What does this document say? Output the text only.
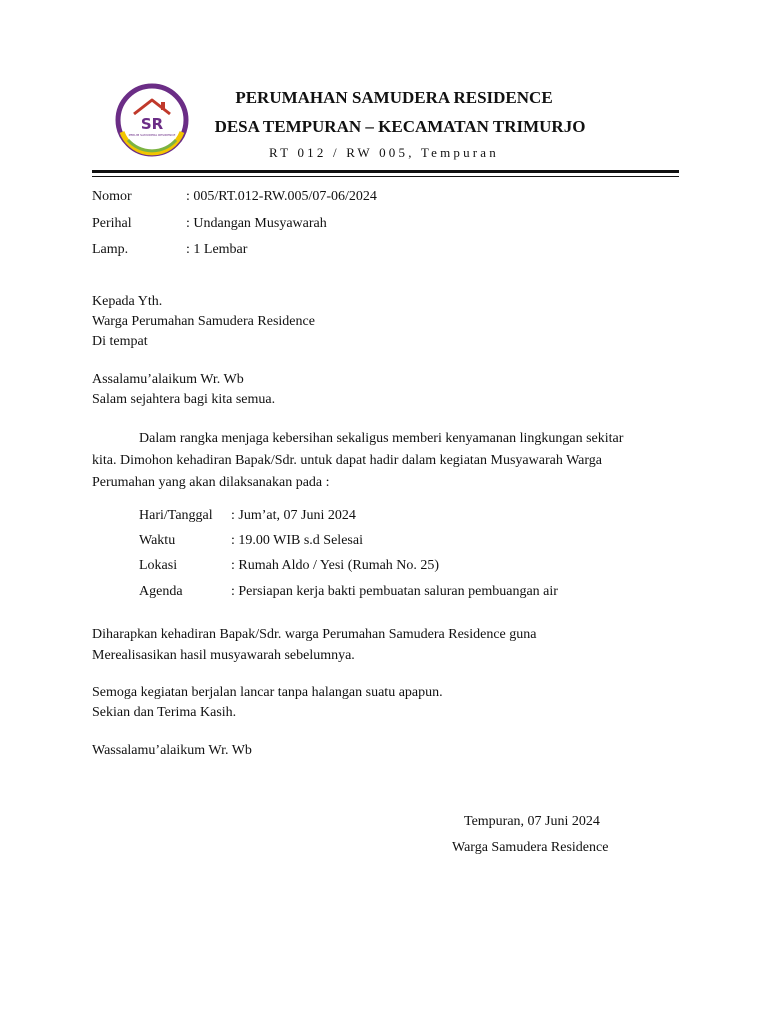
SR
PERUM SAMUDERA RESIDENCE
PERUMAHAN SAMUDERA RESIDENCE
DESA TEMPURAN – KECAMATAN TRIMURJO
RT 012 / RW 005, Tempuran
Nomor	: 005/RT.012-RW.005/07-06/2024
Perihal	: Undangan Musyawarah
Lamp.	: 1 Lembar
Kepada Yth.
Warga Perumahan Samudera Residence
Di tempat
Assalamu’alaikum Wr. Wb
Salam sejahtera bagi kita semua.
Dalam rangka menjaga kebersihan sekaligus memberi kenyamanan lingkungan sekitar
kita. Dimohon kehadiran Bapak/Sdr. untuk dapat hadir dalam kegiatan Musyawarah Warga
Perumahan yang akan dilaksanakan pada :
Hari/Tanggal : Jum’at, 07 Juni 2024
Waktu	: 19.00 WIB s.d Selesai
Lokasi	: Rumah Aldo / Yesi (Rumah No. 25)
Agenda	: Persiapan kerja bakti pembuatan saluran pembuangan air
Diharapkan kehadiran Bapak/Sdr. warga Perumahan Samudera Residence guna
Merealisasikan hasil musyawarah sebelumnya.
Semoga kegiatan berjalan lancar tanpa halangan suatu apapun.
Sekian dan Terima Kasih.
Wassalamu’alaikum Wr. Wb
Tempuran, 07 Juni 2024
Warga Samudera Residence
